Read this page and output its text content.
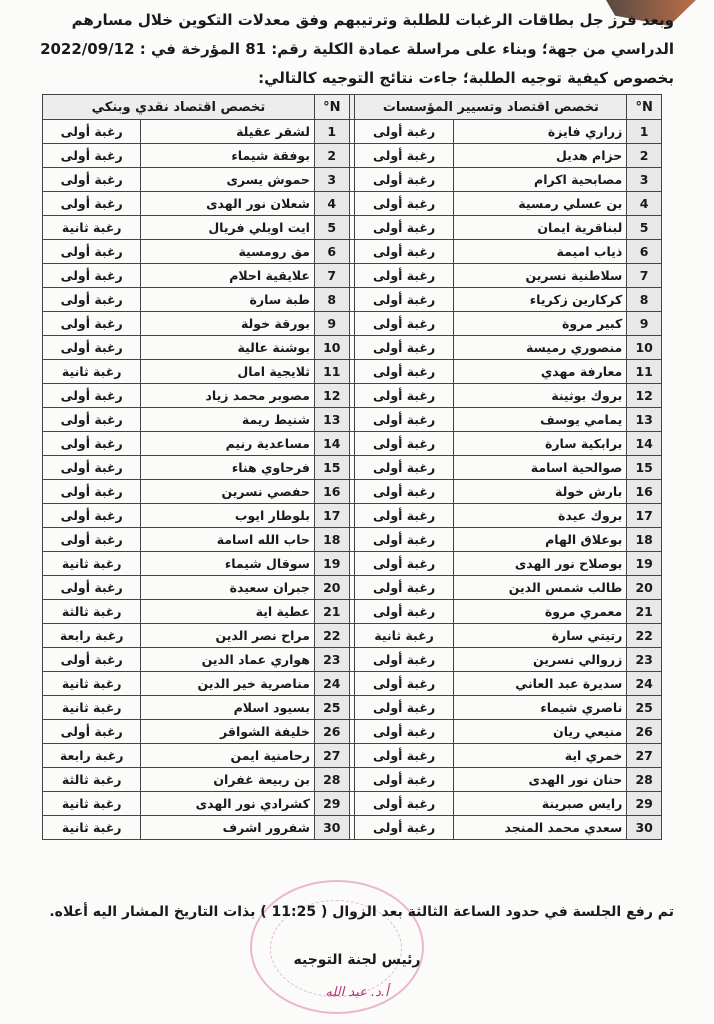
وبعد فرز جل بطاقات الرغبات للطلبة وترتيبهم وفق معدلات التكوين خلال مسارهم
الدراسي من جهة؛ وبناء على مراسلة عمادة الكلية رقم: 81 المؤرخة في : 2022/09/12
بخصوص كيفية توجيه الطلبة؛ جاءت نتائج التوجيه كالتالي:
N°	تخصص اقتصاد وتسيير المؤسسات			N°	تخصص اقتصاد نقدي وبنكي	
1	زراري فايزة	رغبة أولى		1	لشقر عقيلة	رغبة أولى
2	حزام هديل	رغبة أولى		2	بوفقة شيماء	رغبة أولى
3	مصابحية اكرام	رغبة أولى		3	حموش يسرى	رغبة أولى
4	بن عسلي رمسية	رغبة أولى		4	شعلان نور الهدى	رغبة أولى
5	لبناقرية ايمان	رغبة أولى		5	ايت اوبلي فريال	رغبة ثانية
6	ذياب اميمة	رغبة أولى		6	مق رومسية	رغبة أولى
7	سلاطنية نسرين	رغبة أولى		7	علايقية احلام	رغبة أولى
8	كركارين زكرياء	رغبة أولى		8	طبة سارة	رغبة أولى
9	كبير مروة	رغبة أولى		9	بورقة خولة	رغبة أولى
10	منصوري رميسة	رغبة أولى		10	بوشنة عالية	رغبة أولى
11	معارفة مهدي	رغبة أولى		11	ثلايجية امال	رغبة ثانية
12	بروك بوثينة	رغبة أولى		12	مصوبر محمد زياد	رغبة أولى
13	يمامي يوسف	رغبة أولى		13	شنيط ريمة	رغبة أولى
14	برابكية سارة	رغبة أولى		14	مساعدية رنيم	رغبة أولى
15	صوالحية اسامة	رغبة أولى		15	فرحاوي هناء	رغبة أولى
16	بارش خولة	رغبة أولى		16	حفصي نسرين	رغبة أولى
17	بروك عيدة	رغبة أولى		17	بلوطار ايوب	رغبة أولى
18	بوعلاق الهام	رغبة أولى		18	حاب الله اسامة	رغبة أولى
19	بوصلاح نور الهدى	رغبة أولى		19	سوقال شيماء	رغبة ثانية
20	طالب شمس الدين	رغبة أولى		20	جبران سعيدة	رغبة أولى
21	معمري مروة	رغبة أولى		21	عطية اية	رغبة ثالثة
22	رتيتي سارة	رغبة ثانية		22	مراح نصر الدين	رغبة رابعة
23	زروالي نسرين	رغبة أولى		23	هواري عماد الدين	رغبة أولى
24	سديرة عبد العاني	رغبة أولى		24	مناصرية خير الدين	رغبة ثانية
25	ناصري شيماء	رغبة أولى		25	بسيود اسلام	رغبة ثانية
26	منيعي ريان	رغبة أولى		26	خليفة الشواقر	رغبة أولى
27	خمري اية	رغبة أولى		27	رحامنية ايمن	رغبة رابعة
28	حنان نور الهدى	رغبة أولى		28	بن ربيعة غفران	رغبة ثالثة
29	رايس صبرينة	رغبة أولى		29	كشرادي نور الهدى	رغبة ثانية
30	سعدي محمد المنجد	رغبة أولى		30	شفرور اشرف	رغبة ثانية
تم رفع الجلسة في حدود الساعة الثالثة بعد الزوال ( 11:25 ) بذات التاريخ المشار اليه أعلاه.
رئيس لجنة التوجيه
أ.د. عبد الله
